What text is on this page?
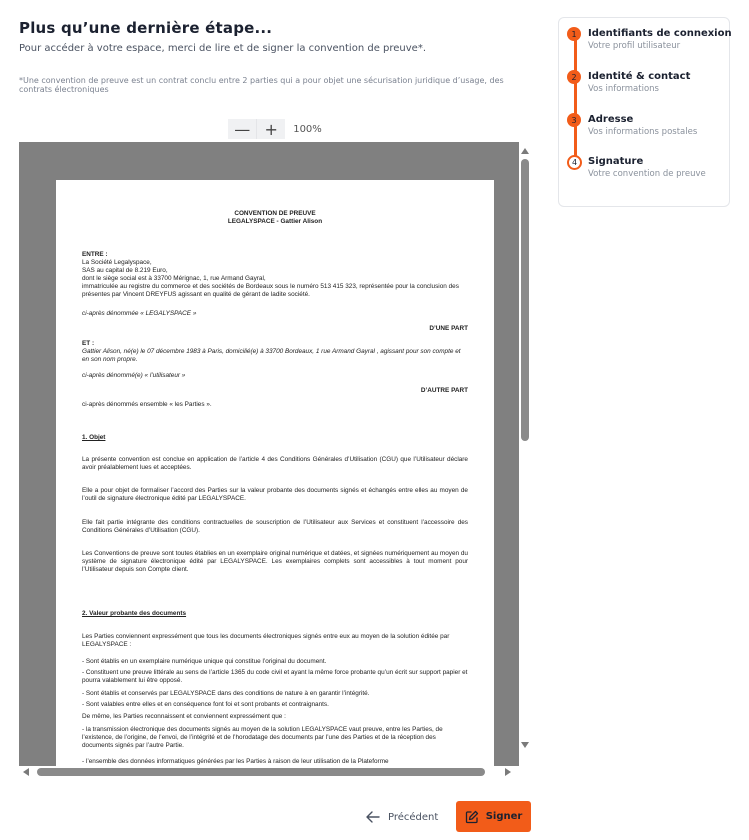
Plus qu’une dernière étape...
Pour accéder à votre espace, merci de lire et de signer la convention de preuve*.
*Une convention de preuve est un contrat conclu entre 2 parties qui a pour objet une sécurisation juridique d’usage, des contrats électroniques
— +	100%

CONVENTION DE PREUVE

LEGALYSPACE - Gattier Alison

ENTRE :

La Société Legalyspace,
SAS au capital de 8.219 Euro,
dont le siège social est à 33700 Mérignac, 1, rue Armand Gayral,
immatriculée au registre du commerce et des sociétés de Bordeaux sous le numéro 513 415 323, représentée pour la conclusion des présentes par Vincent DREYFUS agissant en qualité de gérant de ladite société.

ci-après dénommée « LEGALYSPACE »

D’UNE PART

ET :

Gattier Alison, né(e) le 07 décembre 1983 à Paris, domicilié(e) à 33700 Bordeaux, 1 rue Armand Gayral , agissant pour son compte et en son nom propre.

ci-après dénommé(e) « l’utilisateur »

D’AUTRE PART

ci-après dénommés ensemble « les Parties ».

1. Objet

La présente convention est conclue en application de l’article 4 des Conditions Générales d’Utilisation (CGU) que l’Utilisateur déclare avoir préalablement lues et acceptées.

Elle a pour objet de formaliser l’accord des Parties sur la valeur probante des documents signés et échangés entre elles au moyen de l’outil de signature électronique édité par LEGALYSPACE.

Elle fait partie intégrante des conditions contractuelles de souscription de l’Utilisateur aux Services et constituent l’accessoire des Conditions Générales d’Utilisation (CGU).

Les Conventions de preuve sont toutes établies en un exemplaire original numérique et datées, et signées numériquement au moyen du système de signature électronique édité par LEGALYSPACE. Les exemplaires complets sont accessibles à tout moment pour l’Utilisateur depuis son Compte client.

2. Valeur probante des documents

Les Parties conviennent expressément que tous les documents électroniques signés entre eux au moyen de la solution éditée par LEGALYSPACE :

- Sont établis en un exemplaire numérique unique qui constitue l’original du document.

- Constituent une preuve littérale au sens de l’article 1365 du code civil et ayant la même force probante qu’un écrit sur support papier et pourra valablement lui être opposé.

- Sont établis et conservés par LEGALYSPACE dans des conditions de nature à en garantir l’intégrité.

- Sont valables entre elles et en conséquence font foi et sont probants et contraignants.

De même, les Parties reconnaissent et conviennent expressément que :

- la transmission électronique des documents signés au moyen de la solution LEGALYSPACE vaut preuve, entre les Parties, de l’existence, de l’origine, de l’envoi, de l’intégrité et de l’horodatage des documents par l’une des Parties et de la réception des documents signés par l’autre Partie.

- l’ensemble des données informatiques générées par les Parties à raison de leur utilisation de la Plateforme

1	Identifiants de connexion
Votre profil utilisateur
2	Identité & contact
Vos informations
3	Adresse
Vos informations postales
4	Signature
Votre convention de preuve
Précédent	Signer
